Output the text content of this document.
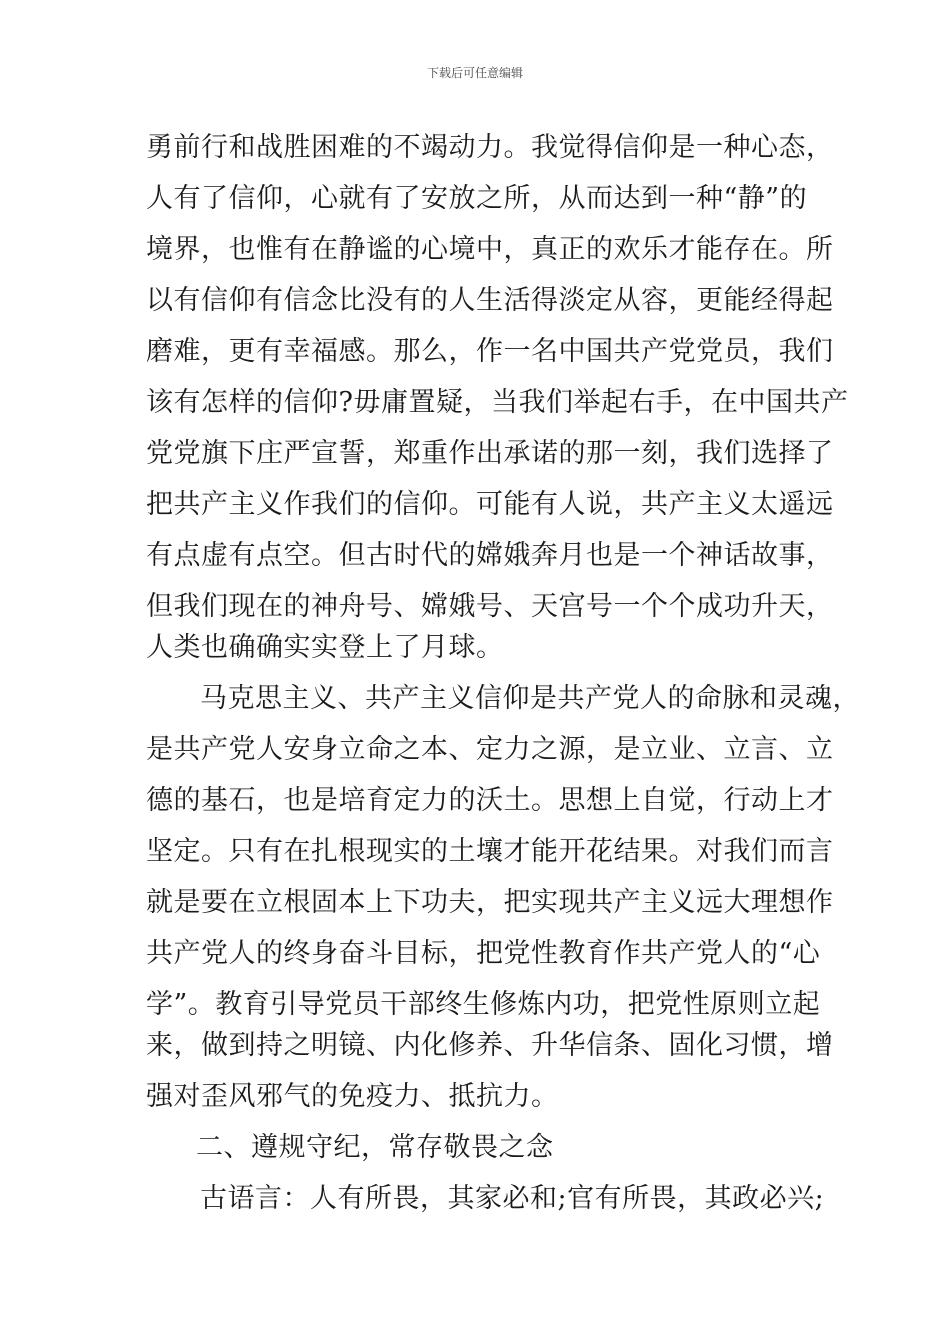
下载后可任意编辑
勇前行和战胜困难的不竭动力。我觉得信仰是一种心态，
人有了信仰，心就有了安放之所，从而达到一种“静”的
境界，也惟有在静谧的心境中，真正的欢乐才能存在。所
以有信仰有信念比没有的人生活得淡定从容，更能经得起
磨难，更有幸福感。那么，作一名中国共产党党员，我们
该有怎样的信仰?毋庸置疑，当我们举起右手，在中国共产
党党旗下庄严宣誓，郑重作出承诺的那一刻，我们选择了
把共产主义作我们的信仰。可能有人说，共产主义太遥远
有点虚有点空。但古时代的嫦娥奔月也是一个神话故事，
但我们现在的神舟号、嫦娥号、天宫号一个个成功升天，
人类也确确实实登上了月球。
马克思主义、共产主义信仰是共产党人的命脉和灵魂，
是共产党人安身立命之本、定力之源，是立业、立言、立
德的基石，也是培育定力的沃土。思想上自觉，行动上才
坚定。只有在扎根现实的土壤才能开花结果。对我们而言
就是要在立根固本上下功夫，把实现共产主义远大理想作
共产党人的终身奋斗目标，把党性教育作共产党人的“心
学”。教育引导党员干部终生修炼内功，把党性原则立起
来，做到持之明镜、内化修养、升华信条、固化习惯，增
强对歪风邪气的免疫力、抵抗力。
二、遵规守纪，常存敬畏之念
古语言：人有所畏，其家必和;官有所畏，其政必兴;
